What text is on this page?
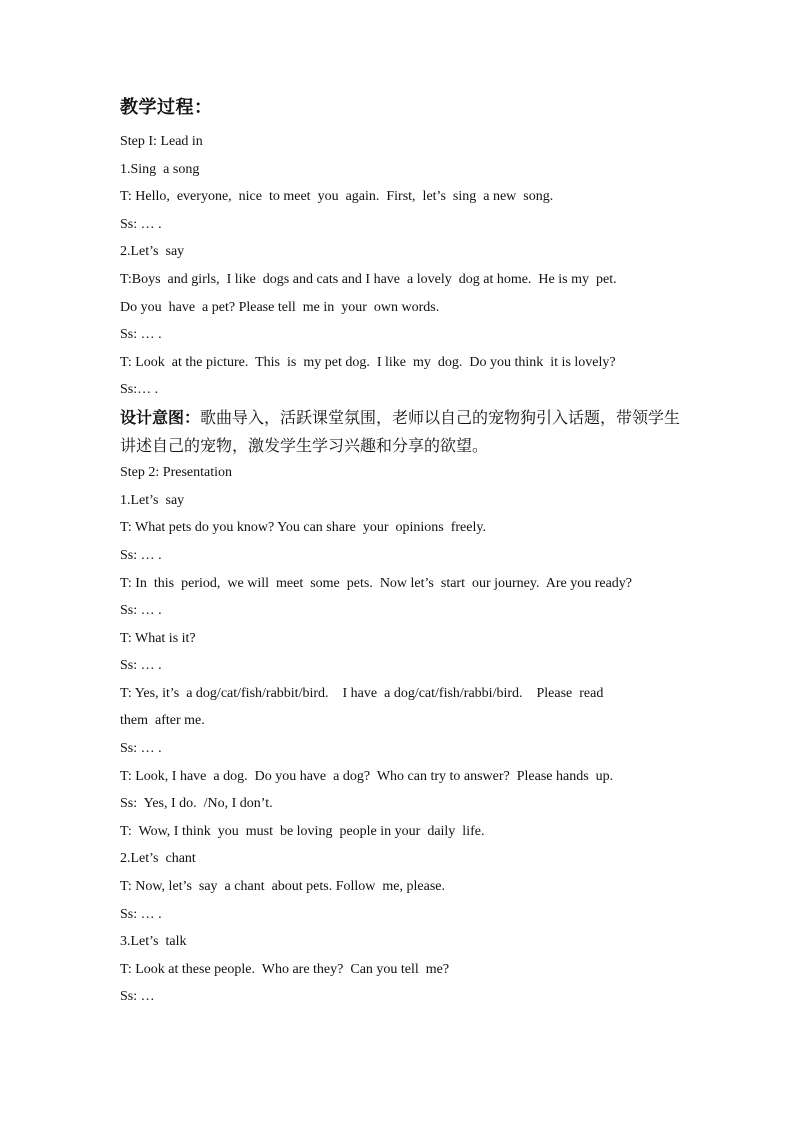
教学过程：
Step I: Lead in
1.Sing  a song
T: Hello,  everyone,  nice  to meet  you  again.  First,  let’s  sing  a new  song.
Ss: … .
2.Let’s  say
T:Boys  and girls,  I like  dogs and cats and I have  a lovely  dog at home.  He is my  pet.
Do you  have  a pet? Please tell  me in  your  own words.
Ss: … .
T: Look  at the picture.  This  is  my pet dog.  I like  my  dog.  Do you think  it is lovely?
Ss:… .
设计意图：歌曲导入，活跃课堂氛围，老师以自己的宠物狗引入话题，带领学生
讲述自己的宠物，激发学生学习兴趣和分享的欲望。
Step 2: Presentation
1.Let’s  say
T: What pets do you know? You can share  your  opinions  freely.
Ss: … .
T: In  this  period,  we will  meet  some  pets.  Now let’s  start  our journey.  Are you ready?
Ss: … .
T: What is it?
Ss: … .
T: Yes, it’s  a dog/cat/fish/rabbit/bird.    I have  a dog/cat/fish/rabbi/bird.    Please  read
them  after me.
Ss: … .
T: Look, I have  a dog.  Do you have  a dog?  Who can try to answer?  Please hands  up.
Ss:  Yes, I do.  /No, I don’t.
T:  Wow, I think  you  must  be loving  people in your  daily  life.
2.Let’s  chant
T: Now, let’s  say  a chant  about pets. Follow  me, please.
Ss: … .
3.Let’s  talk
T: Look at these people.  Who are they?  Can you tell  me?
Ss: …
